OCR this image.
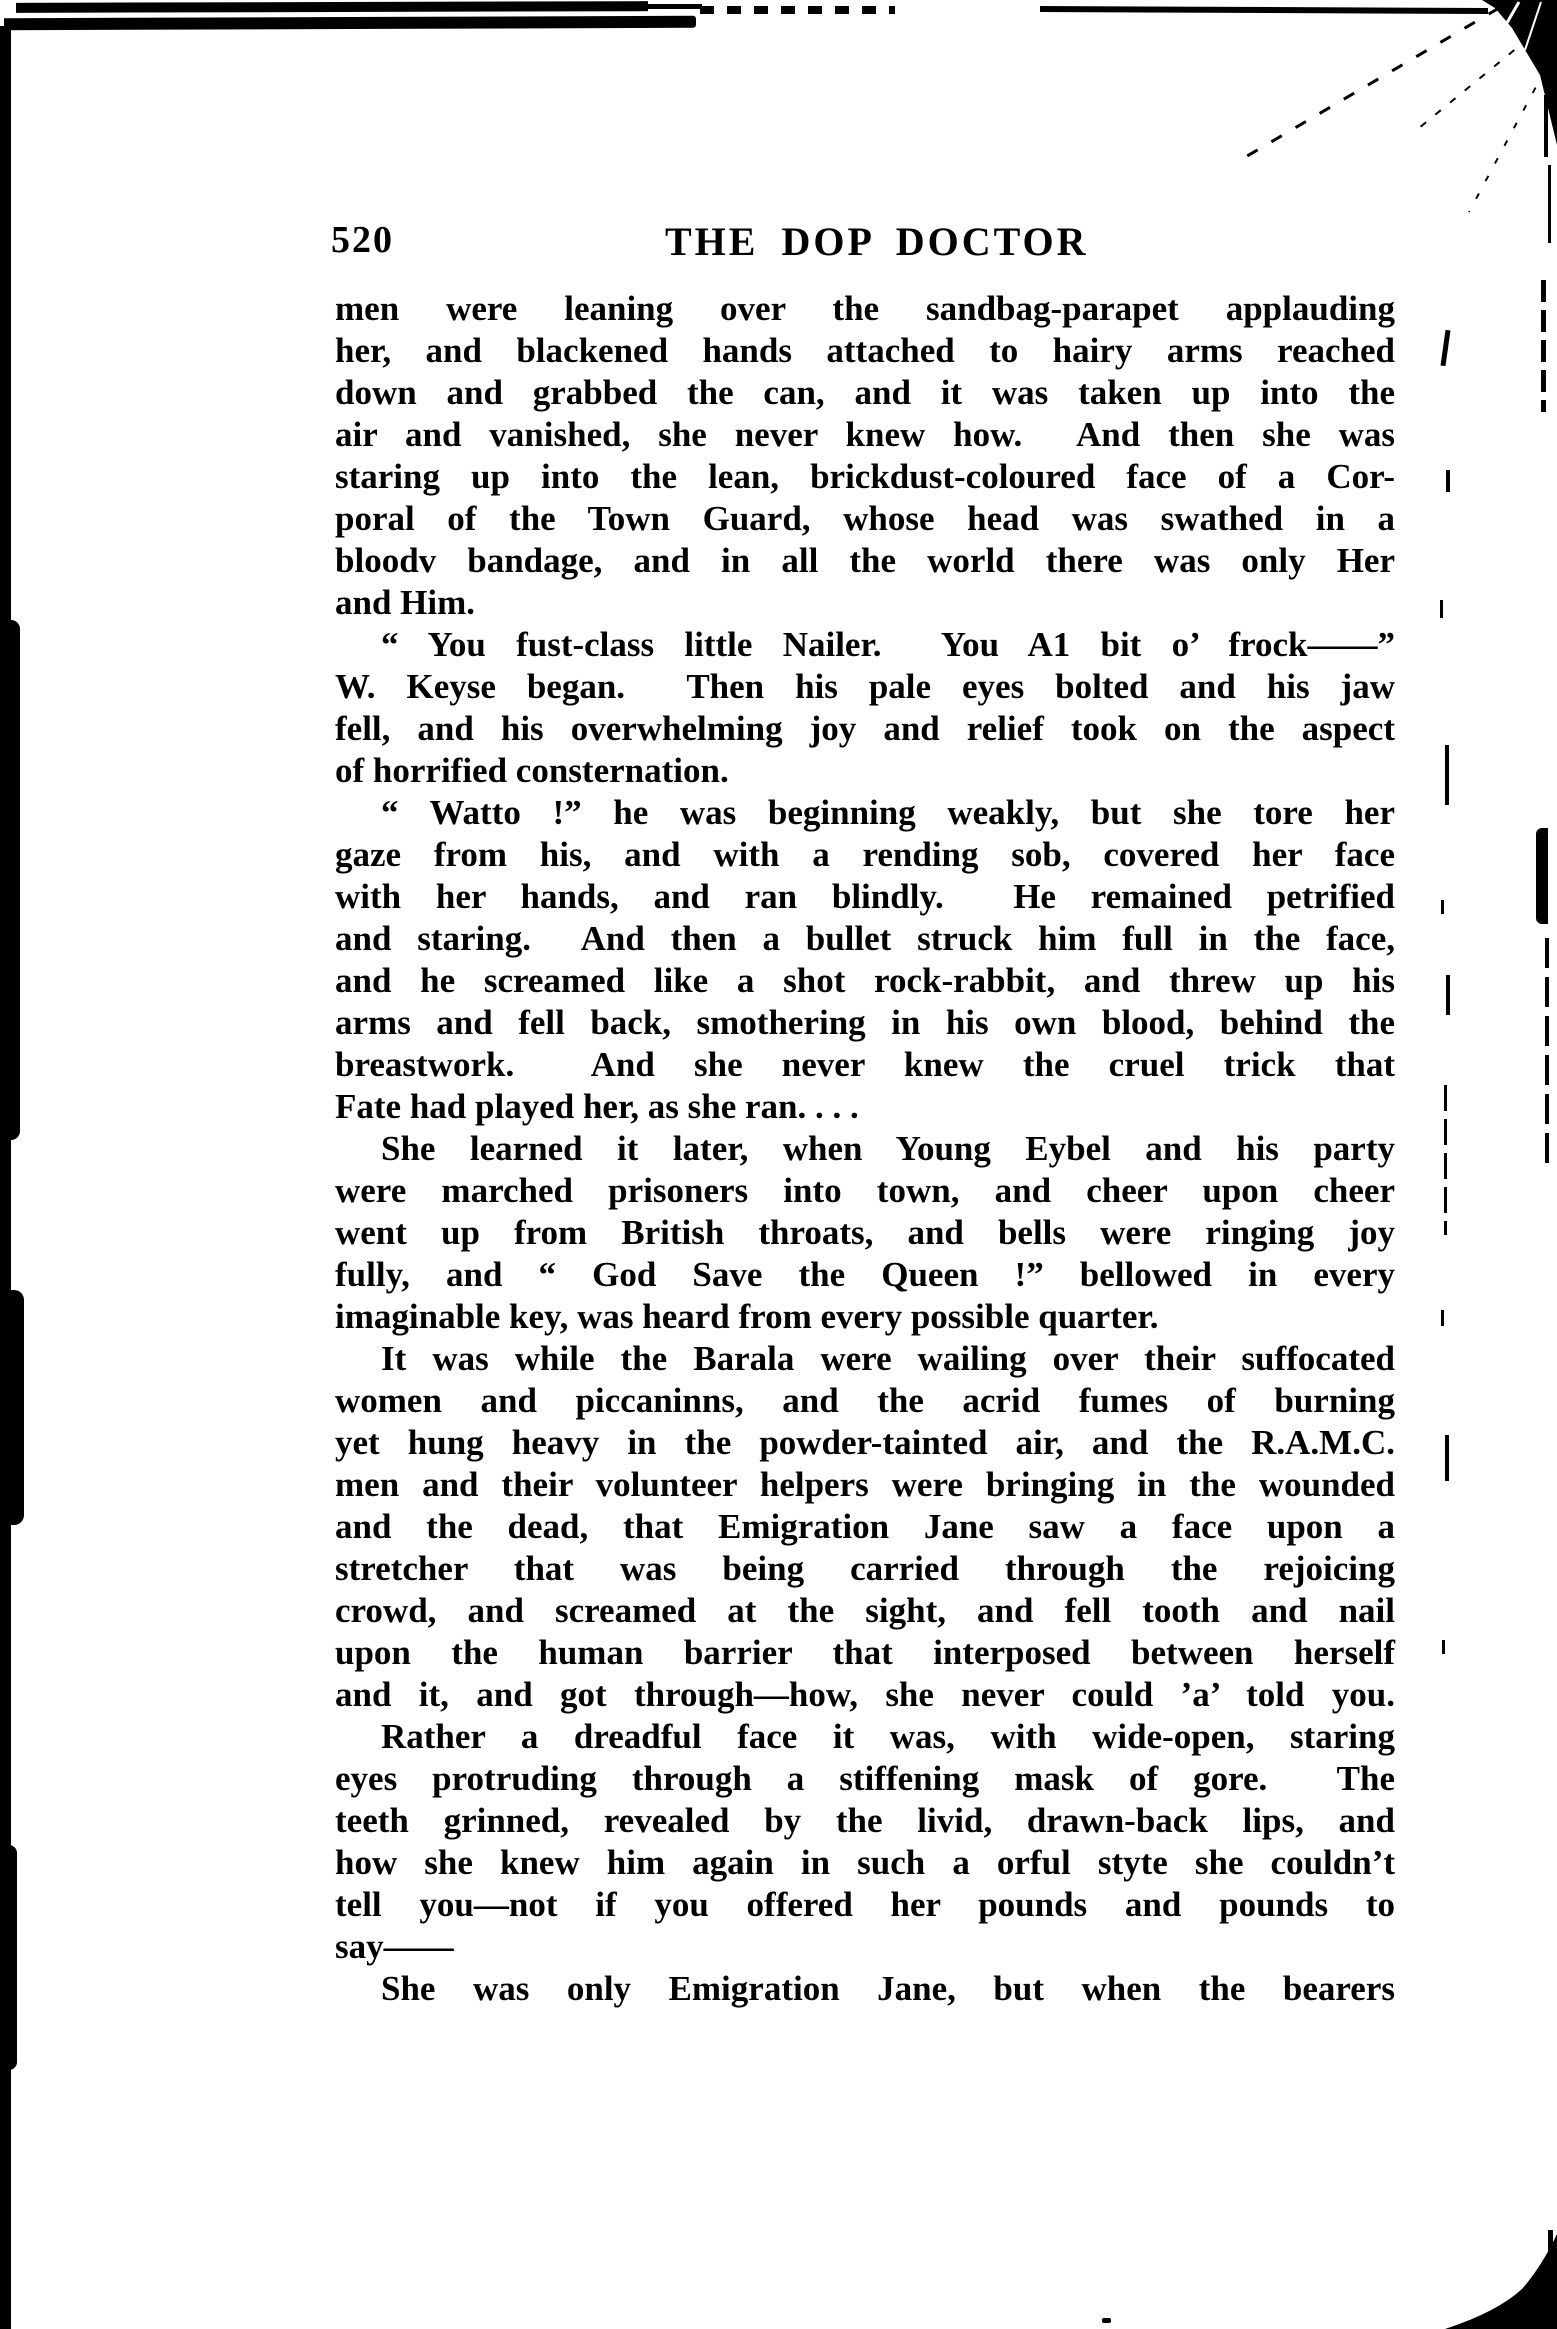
520	THE DOP DOCTOR
men were leaning over the sandbag-parapet applauding
her, and blackened hands attached to hairy arms reached
down and grabbed the can, and it was taken up into the
air and vanished, she never knew how.  And then she was
staring up into the lean, brickdust-coloured face of a Cor-
poral of the Town Guard, whose head was swathed in a
bloodv bandage, and in all the world there was only Her
and Him.
“ You fust-class little Nailer.  You A1 bit o’ frock——”
W. Keyse began.  Then his pale eyes bolted and his jaw
fell, and his overwhelming joy and relief took on the aspect
of horrified consternation.
“ Watto !” he was beginning weakly, but she tore her
gaze from his, and with a rending sob, covered her face
with her hands, and ran blindly.  He remained petrified
and staring.  And then a bullet struck him full in the face,
and he screamed like a shot rock-rabbit, and threw up his
arms and fell back, smothering in his own blood, behind the
breastwork.  And she never knew the cruel trick that
Fate had played her, as she ran. . . .
She learned it later, when Young Eybel and his party
were marched prisoners into town, and cheer upon cheer
went up from British throats, and bells were ringing joy
fully, and “ God Save the Queen !” bellowed in every
imaginable key, was heard from every possible quarter.
It was while the Barala were wailing over their suffocated
women and piccaninns, and the acrid fumes of burning
yet hung heavy in the powder-tainted air, and the R.A.M.C.
men and their volunteer helpers were bringing in the wounded
and the dead, that Emigration Jane saw a face upon a
stretcher that was being carried through the rejoicing
crowd, and screamed at the sight, and fell tooth and nail
upon the human barrier that interposed between herself
and it, and got through—how, she never could ’a’ told you.
Rather a dreadful face it was, with wide-open, staring
eyes protruding through a stiffening mask of gore.  The
teeth grinned, revealed by the livid, drawn-back lips, and
how she knew him again in such a orful styte she couldn’t
tell you—not if you offered her pounds and pounds to
say——
She was only Emigration Jane, but when the bearers
